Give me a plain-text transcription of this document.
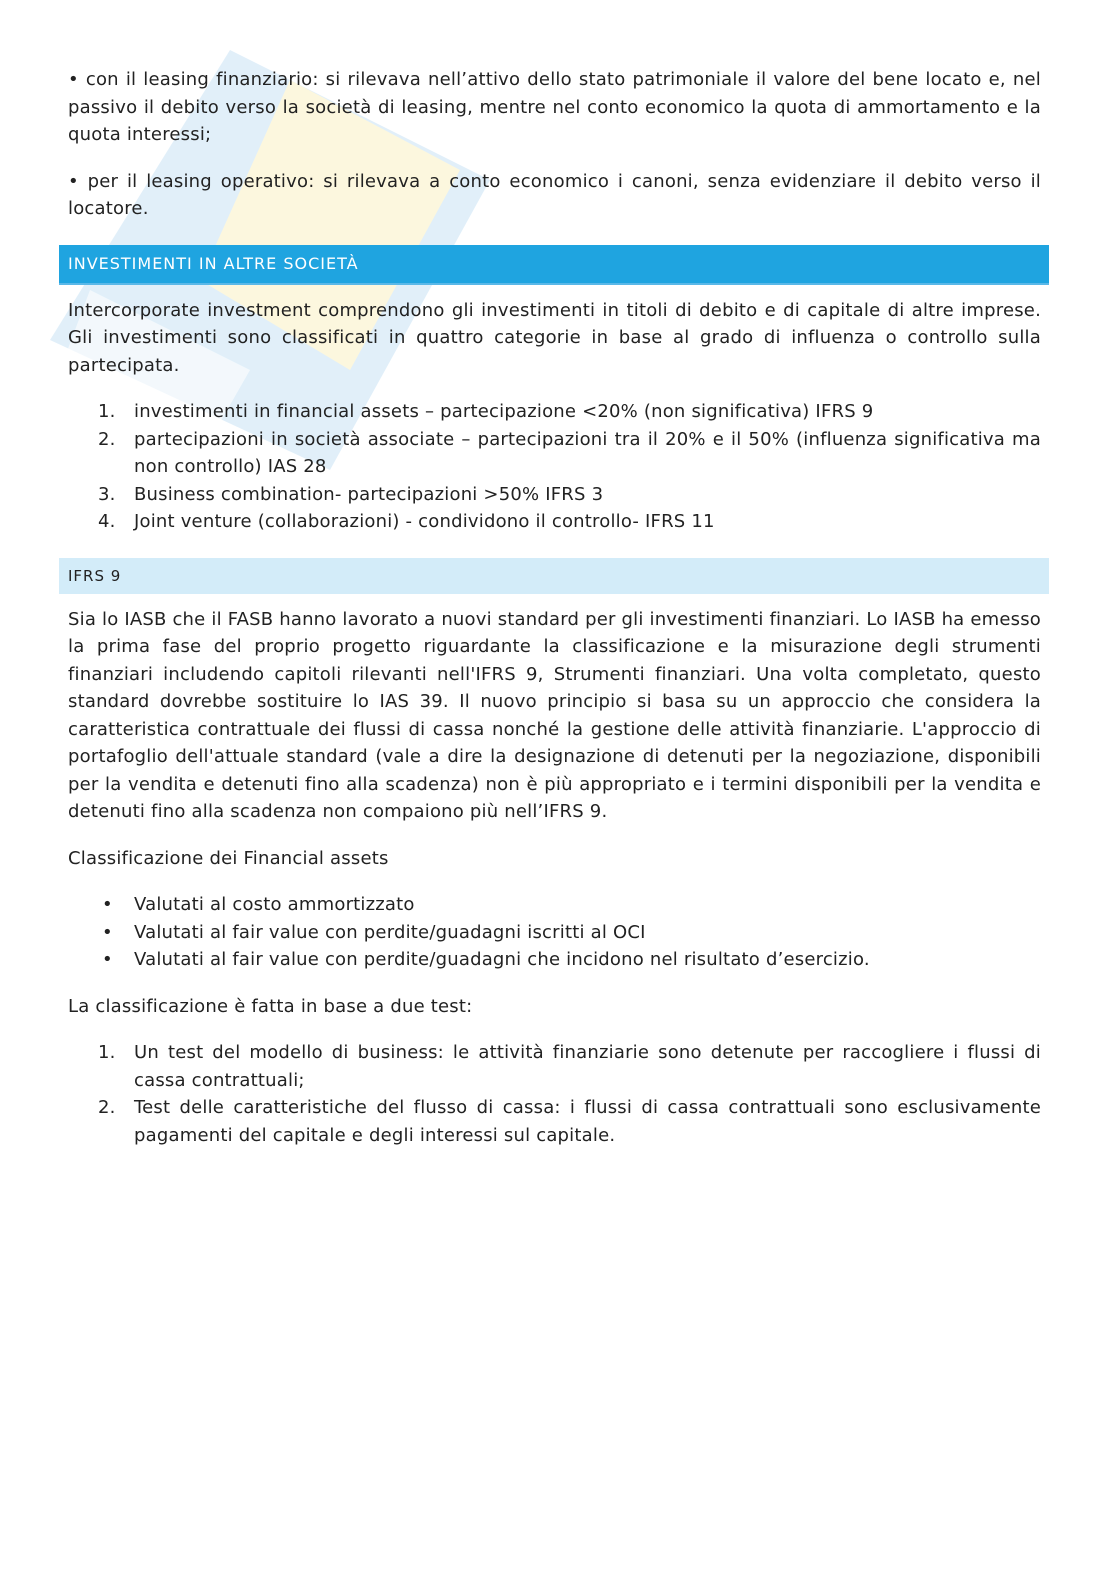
• con il leasing finanziario: si rilevava nell’attivo dello stato patrimoniale il valore del bene locato e, nel passivo il debito verso la società di leasing, mentre nel conto economico la quota di ammortamento e la quota interessi;

• per il leasing operativo: si rilevava a conto economico i canoni, senza evidenziare il debito verso il locatore.

INVESTIMENTI IN ALTRE SOCIETÀ

Intercorporate investment comprendono gli investimenti in titoli di debito e di capitale di altre imprese. Gli investimenti sono classificati in quattro categorie in base al grado di influenza o controllo sulla partecipata.

1.	investimenti in financial assets – partecipazione <20% (non significativa) IFRS 9
2.	partecipazioni in società associate – partecipazioni tra il 20% e il 50% (influenza significativa ma non controllo) IAS 28
3.	Business combination- partecipazioni >50% IFRS 3
4.	Joint venture (collaborazioni) - condividono il controllo- IFRS 11
IFRS 9

Sia lo IASB che il FASB hanno lavorato a nuovi standard per gli investimenti finanziari. Lo IASB ha emesso la prima fase del proprio progetto riguardante la classificazione e la misurazione degli strumenti finanziari includendo capitoli rilevanti nell'IFRS 9, Strumenti finanziari. Una volta completato, questo standard dovrebbe sostituire lo IAS 39. Il nuovo principio si basa su un approccio che considera la caratteristica contrattuale dei flussi di cassa nonché la gestione delle attività finanziarie. L'approccio di portafoglio dell'attuale standard (vale a dire la designazione di detenuti per la negoziazione, disponibili per la vendita e detenuti fino alla scadenza) non è più appropriato e i termini disponibili per la vendita e detenuti fino alla scadenza non compaiono più nell’IFRS 9.

Classificazione dei Financial assets

•	Valutati al costo ammortizzato
•	Valutati al fair value con perdite/guadagni iscritti al OCI
•	Valutati al fair value con perdite/guadagni che incidono nel risultato d’esercizio.

La classificazione è fatta in base a due test:

1.	Un test del modello di business: le attività finanziarie sono detenute per raccogliere i flussi di cassa contrattuali;
2.	Test delle caratteristiche del flusso di cassa: i flussi di cassa contrattuali sono esclusivamente pagamenti del capitale e degli interessi sul capitale.
